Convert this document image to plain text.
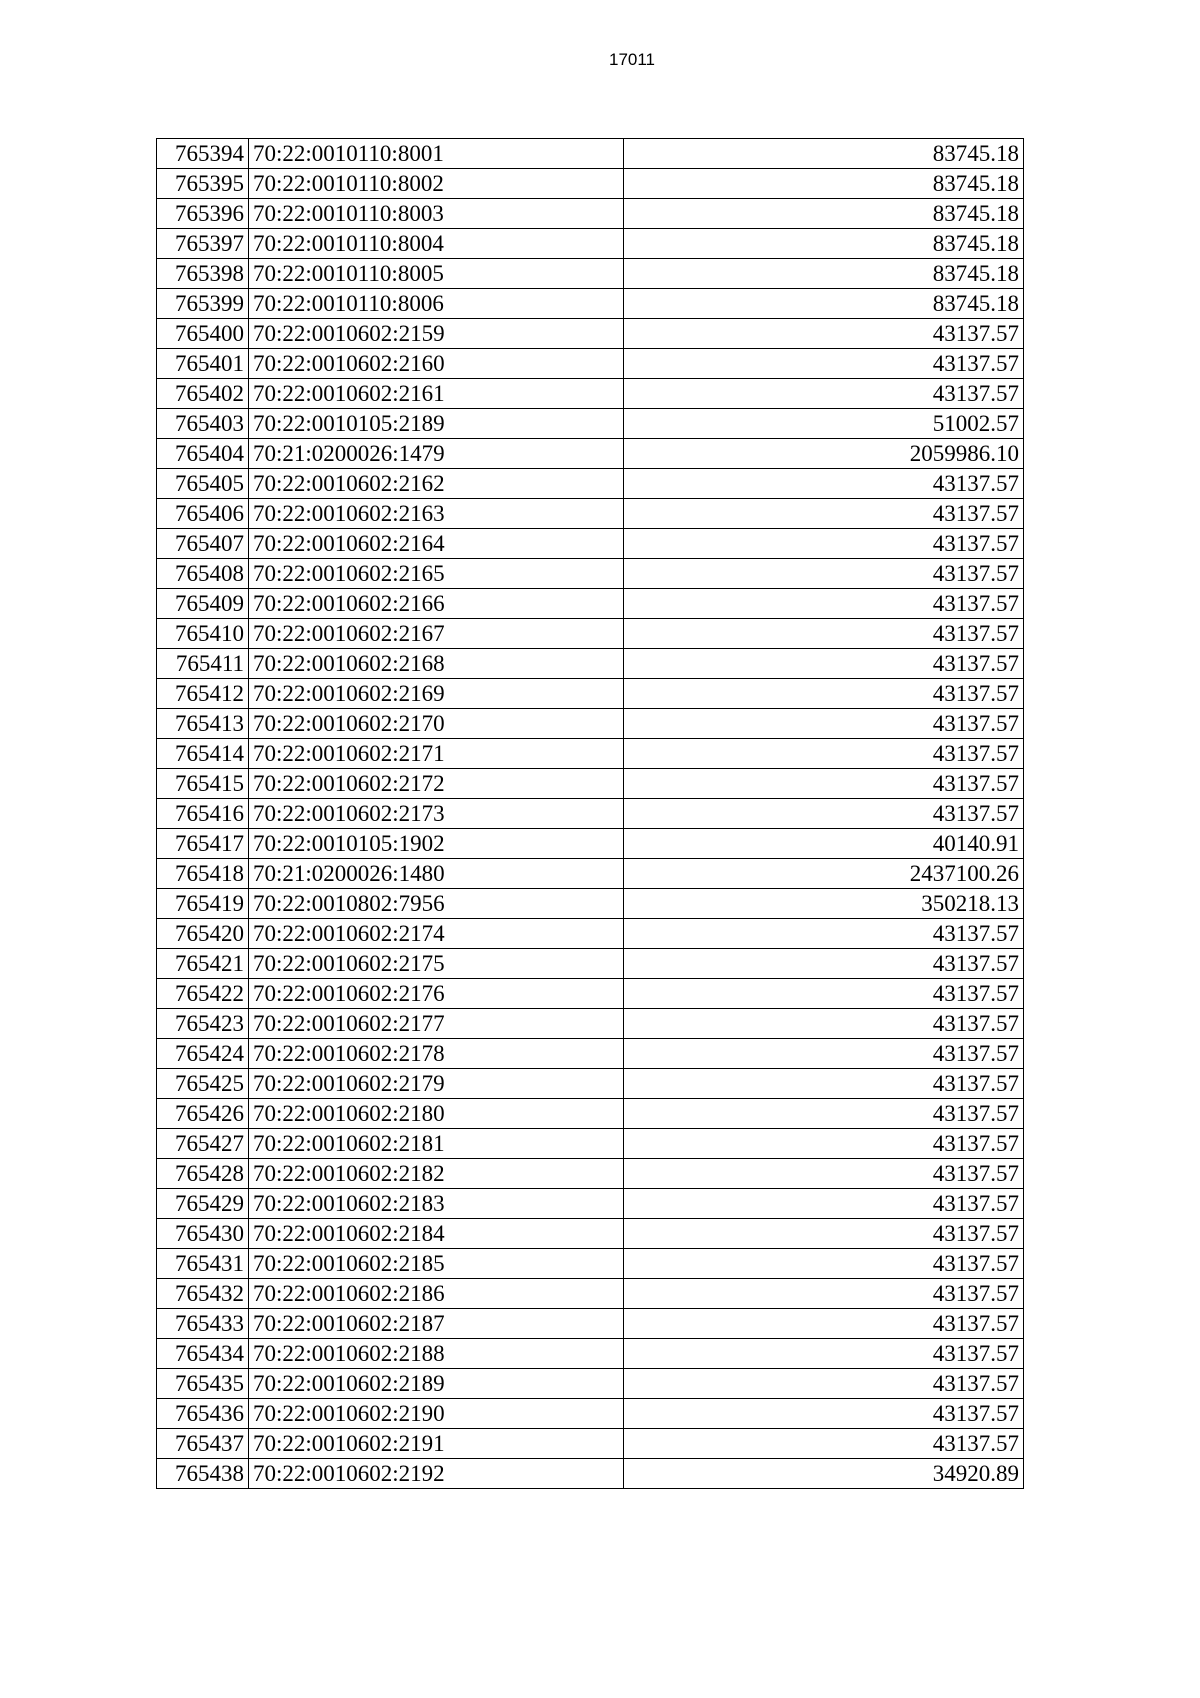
17011
765394	70:22:0010110:8001	83745.18
765395	70:22:0010110:8002	83745.18
765396	70:22:0010110:8003	83745.18
765397	70:22:0010110:8004	83745.18
765398	70:22:0010110:8005	83745.18
765399	70:22:0010110:8006	83745.18
765400	70:22:0010602:2159	43137.57
765401	70:22:0010602:2160	43137.57
765402	70:22:0010602:2161	43137.57
765403	70:22:0010105:2189	51002.57
765404	70:21:0200026:1479	2059986.10
765405	70:22:0010602:2162	43137.57
765406	70:22:0010602:2163	43137.57
765407	70:22:0010602:2164	43137.57
765408	70:22:0010602:2165	43137.57
765409	70:22:0010602:2166	43137.57
765410	70:22:0010602:2167	43137.57
765411	70:22:0010602:2168	43137.57
765412	70:22:0010602:2169	43137.57
765413	70:22:0010602:2170	43137.57
765414	70:22:0010602:2171	43137.57
765415	70:22:0010602:2172	43137.57
765416	70:22:0010602:2173	43137.57
765417	70:22:0010105:1902	40140.91
765418	70:21:0200026:1480	2437100.26
765419	70:22:0010802:7956	350218.13
765420	70:22:0010602:2174	43137.57
765421	70:22:0010602:2175	43137.57
765422	70:22:0010602:2176	43137.57
765423	70:22:0010602:2177	43137.57
765424	70:22:0010602:2178	43137.57
765425	70:22:0010602:2179	43137.57
765426	70:22:0010602:2180	43137.57
765427	70:22:0010602:2181	43137.57
765428	70:22:0010602:2182	43137.57
765429	70:22:0010602:2183	43137.57
765430	70:22:0010602:2184	43137.57
765431	70:22:0010602:2185	43137.57
765432	70:22:0010602:2186	43137.57
765433	70:22:0010602:2187	43137.57
765434	70:22:0010602:2188	43137.57
765435	70:22:0010602:2189	43137.57
765436	70:22:0010602:2190	43137.57
765437	70:22:0010602:2191	43137.57
765438	70:22:0010602:2192	34920.89
